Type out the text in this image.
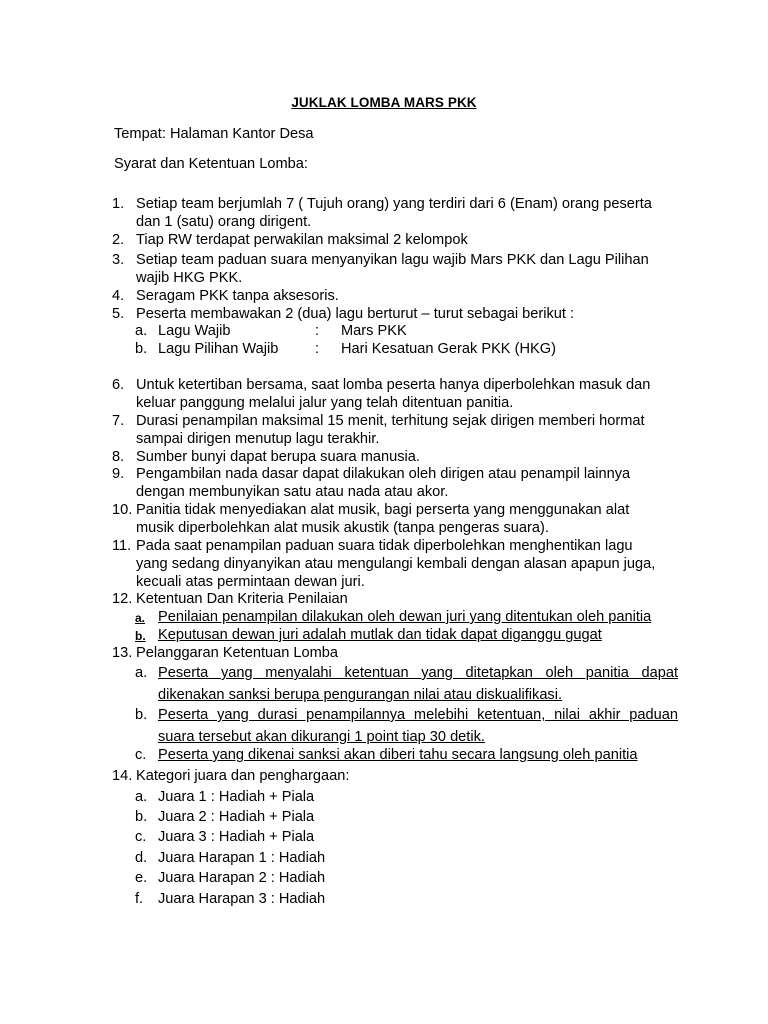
JUKLAK LOMBA MARS PKK
Tempat: Halaman Kantor Desa
Syarat dan Ketentuan Lomba:
1. Setiap team berjumlah 7 ( Tujuh orang) yang terdiri dari 6 (Enam) orang peserta
dan 1 (satu) orang dirigent.
2. Tiap RW terdapat perwakilan maksimal 2 kelompok
3. Setiap team paduan suara menyanyikan lagu wajib Mars PKK dan Lagu Pilihan
wajib HKG PKK.
4. Seragam PKK tanpa aksesoris.
5. Peserta membawakan 2 (dua) lagu berturut – turut sebagai berikut :
a. Lagu Wajib	: Mars PKK
b. Lagu Pilihan Wajib	: Hari Kesatuan Gerak PKK (HKG)
6. Untuk ketertiban bersama, saat lomba peserta hanya diperbolehkan masuk dan
keluar panggung melalui jalur yang telah ditentuan panitia.
7. Durasi penampilan maksimal 15 menit, terhitung sejak dirigen memberi hormat
sampai dirigen menutup lagu terakhir.
8. Sumber bunyi dapat berupa suara manusia.
9. Pengambilan nada dasar dapat dilakukan oleh dirigen atau penampil lainnya
dengan membunyikan satu atau nada atau akor.
10. Panitia tidak menyediakan alat musik, bagi perserta yang menggunakan alat
musik diperbolehkan alat musik akustik (tanpa pengeras suara).
11. Pada saat penampilan paduan suara tidak diperbolehkan menghentikan lagu
yang sedang dinyanyikan atau mengulangi kembali dengan alasan apapun juga,
kecuali atas permintaan dewan juri.
12. Ketentuan Dan Kriteria Penilaian
a. Penilaian penampilan dilakukan oleh dewan juri yang ditentukan oleh panitia
b. Keputusan dewan juri adalah mutlak dan tidak dapat diganggu gugat
13. Pelanggaran Ketentuan Lomba
a. Peserta yang menyalahi ketentuan yang ditetapkan oleh panitia dapat
dikenakan sanksi berupa pengurangan nilai atau diskualifikasi.
b. Peserta yang durasi penampilannya melebihi ketentuan, nilai akhir paduan
suara tersebut akan dikurangi 1 point tiap 30 detik.
c. Peserta yang dikenai sanksi akan diberi tahu secara langsung oleh panitia
14. Kategori juara dan penghargaan:
a. Juara 1 : Hadiah + Piala
b. Juara 2 : Hadiah + Piala
c. Juara 3 : Hadiah + Piala
d. Juara Harapan 1 : Hadiah
e. Juara Harapan 2 : Hadiah
f. Juara Harapan 3 : Hadiah
